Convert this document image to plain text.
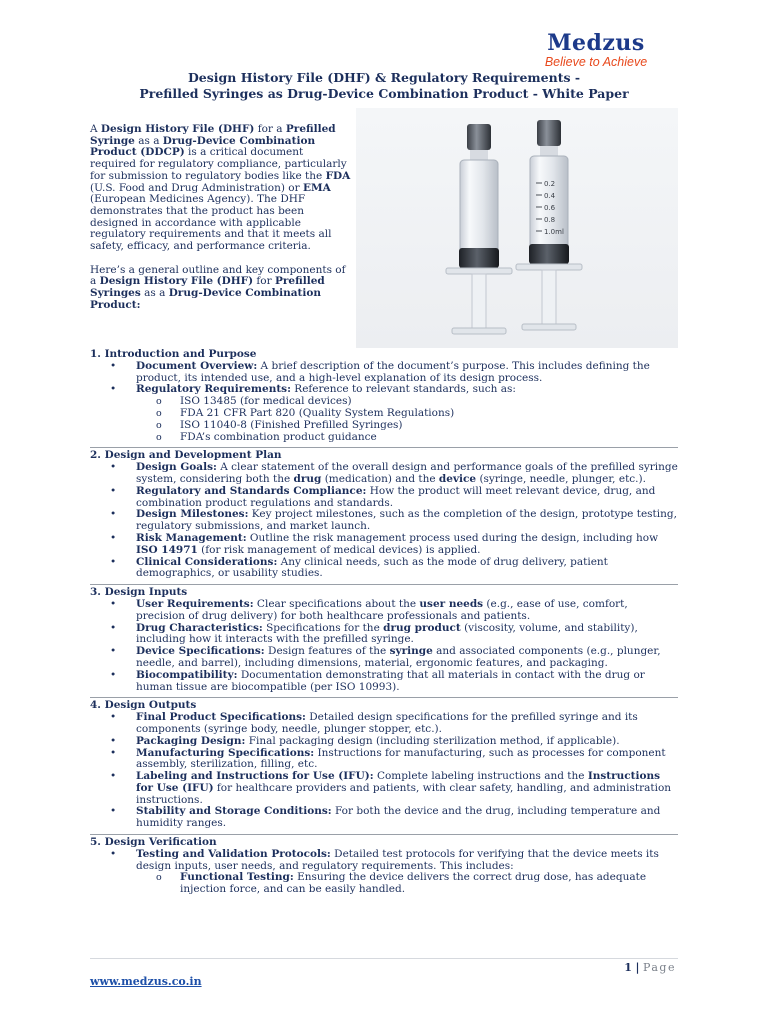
Medzus
Believe to Achieve
Design History File (DHF) & Regulatory Requirements -
Prefilled Syringes as Drug-Device Combination Product - White Paper

A Design History File (DHF) for a Prefilled Syringe as a Drug-Device Combination Product (DDCP) is a critical document required for regulatory compliance, particularly for submission to regulatory bodies like the FDA (U.S. Food and Drug Administration) or EMA (European Medicines Agency). The DHF demonstrates that the product has been designed in accordance with applicable regulatory requirements and that it meets all safety, efficacy, and performance criteria.

Here’s a general outline and key components of a Design History File (DHF) for Prefilled Syringes as a Drug-Device Combination Product:

0.2
0.4
0.6
0.8
1.0ml
1. Introduction and Purpose
• Document Overview: A brief description of the document’s purpose. This includes defining the product, its intended use, and a high-level explanation of its design process.
• Regulatory Requirements: Reference to relevant standards, such as:
o ISO 13485 (for medical devices)
o FDA 21 CFR Part 820 (Quality System Regulations)
o ISO 11040-8 (Finished Prefilled Syringes)
o FDA’s combination product guidance
2. Design and Development Plan
• Design Goals: A clear statement of the overall design and performance goals of the prefilled syringe system, considering both the drug (medication) and the device (syringe, needle, plunger, etc.).
• Regulatory and Standards Compliance: How the product will meet relevant device, drug, and combination product regulations and standards.
• Design Milestones: Key project milestones, such as the completion of the design, prototype testing, regulatory submissions, and market launch.
• Risk Management: Outline the risk management process used during the design, including how ISO 14971 (for risk management of medical devices) is applied.
• Clinical Considerations: Any clinical needs, such as the mode of drug delivery, patient demographics, or usability studies.
3. Design Inputs
• User Requirements: Clear specifications about the user needs (e.g., ease of use, comfort, precision of drug delivery) for both healthcare professionals and patients.
• Drug Characteristics: Specifications for the drug product (viscosity, volume, and stability), including how it interacts with the prefilled syringe.
• Device Specifications: Design features of the syringe and associated components (e.g., plunger, needle, and barrel), including dimensions, material, ergonomic features, and packaging.
• Biocompatibility: Documentation demonstrating that all materials in contact with the drug or human tissue are biocompatible (per ISO 10993).
4. Design Outputs
• Final Product Specifications: Detailed design specifications for the prefilled syringe and its components (syringe body, needle, plunger stopper, etc.).
• Packaging Design: Final packaging design (including sterilization method, if applicable).
• Manufacturing Specifications: Instructions for manufacturing, such as processes for component assembly, sterilization, filling, etc.
• Labeling and Instructions for Use (IFU): Complete labeling instructions and the Instructions for Use (IFU) for healthcare providers and patients, with clear safety, handling, and administration instructions.
• Stability and Storage Conditions: For both the device and the drug, including temperature and humidity ranges.
5. Design Verification
• Testing and Validation Protocols: Detailed test protocols for verifying that the device meets its design inputs, user needs, and regulatory requirements. This includes:
o Functional Testing: Ensuring the device delivers the correct drug dose, has adequate injection force, and can be easily handled.
1 | Page
www.medzus.co.in
